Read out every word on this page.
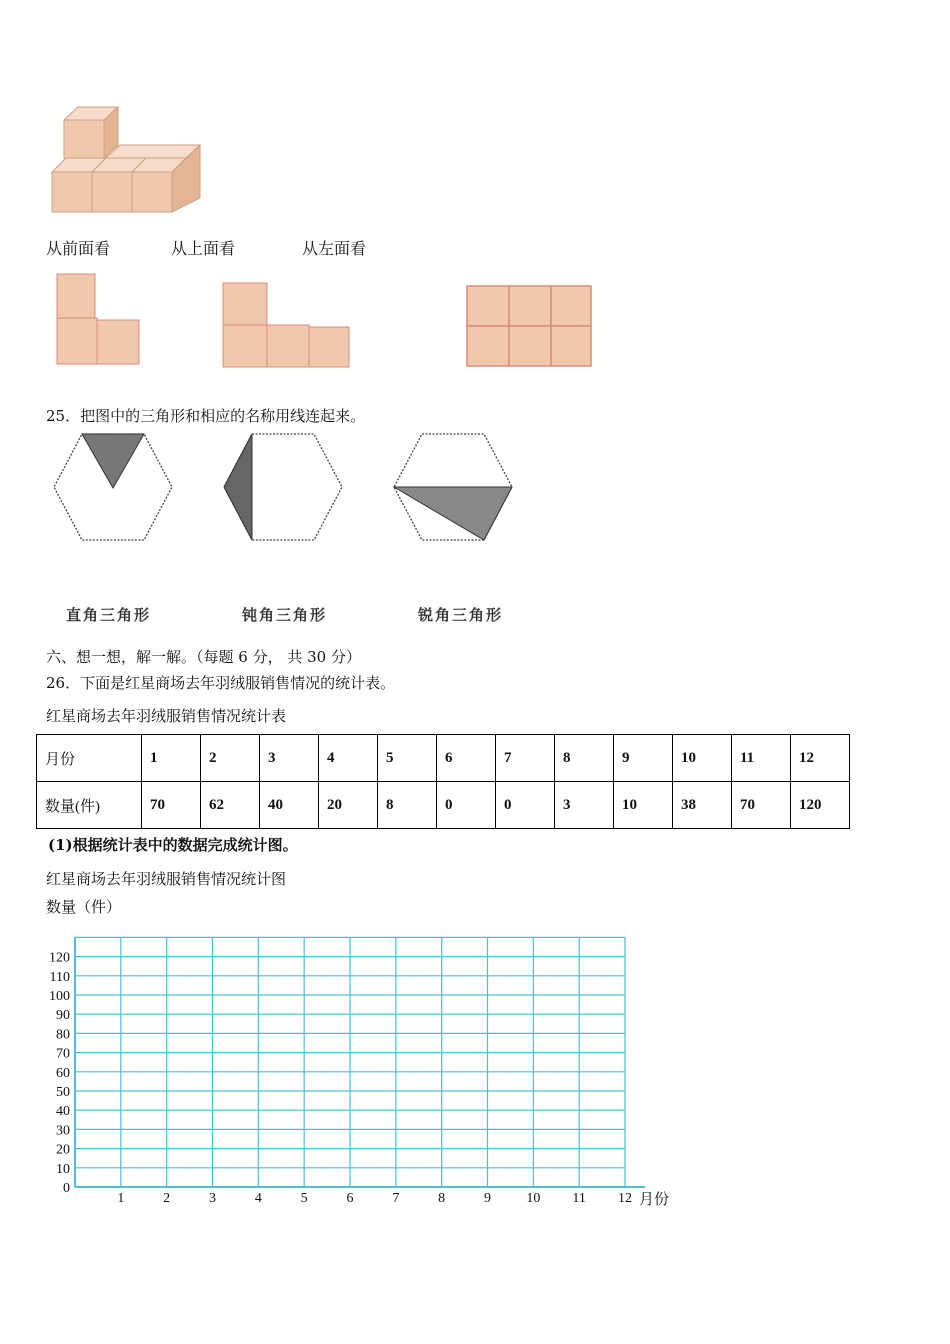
从前面看	从上面看	从左面看
25．把图中的三角形和相应的名称用线连起来。
直角三角形	钝角三角形	锐角三角形
六、想一想，解一解。（每题 6 分， 共 30 分）
26．下面是红星商场去年羽绒服销售情况的统计表。
红星商场去年羽绒服销售情况统计表
月份	1	2	3	4	5	6	7	8	9	10	11	12
数量(件)	70	62	40	20	8	0	0	3	10	38	70	120
(1)根据统计表中的数据完成统计图。
红星商场去年羽绒服销售情况统计图
数量（件）
0
10
20
30
40
50
60
70
80
90
100
110
120
1	2	3	4	5	6	7	8	9	10 11 12 月份
